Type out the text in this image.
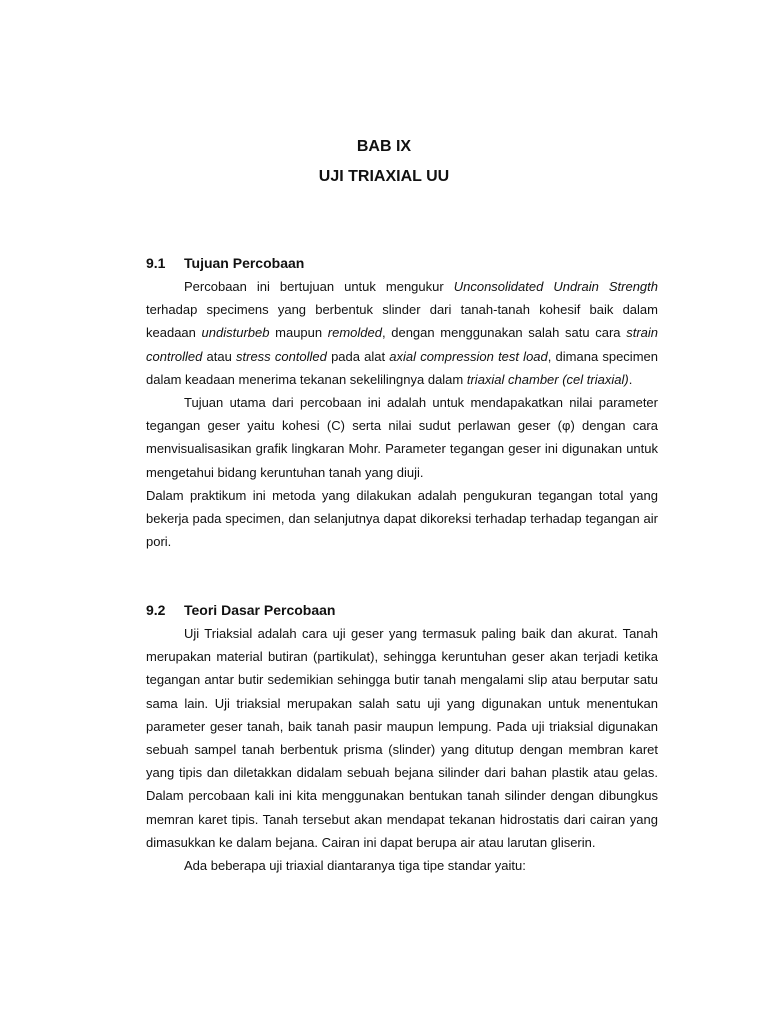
BAB IX
UJI TRIAXIAL UU
9.1	Tujuan Percobaan

Percobaan ini bertujuan untuk mengukur Unconsolidated Undrain Strength terhadap specimens yang berbentuk slinder dari tanah-tanah kohesif baik dalam keadaan undisturbeb maupun remolded, dengan menggunakan salah satu cara strain controlled atau stress contolled pada alat axial compression test load, dimana specimen dalam keadaan menerima tekanan sekelilingnya dalam triaxial chamber (cel triaxial).

Tujuan utama dari percobaan ini adalah untuk mendapakatkan nilai parameter tegangan geser yaitu kohesi (C) serta nilai sudut perlawan geser (φ) dengan cara menvisualisasikan grafik lingkaran Mohr. Parameter tegangan geser ini digunakan untuk mengetahui bidang keruntuhan tanah yang diuji.

Dalam praktikum ini metoda yang dilakukan adalah pengukuran tegangan total yang bekerja pada specimen, dan selanjutnya dapat dikoreksi terhadap terhadap tegangan air pori.

9.2	Teori Dasar Percobaan

Uji Triaksial adalah cara uji geser yang termasuk paling baik dan akurat. Tanah merupakan material butiran (partikulat), sehingga keruntuhan geser akan terjadi ketika tegangan antar butir sedemikian sehingga butir tanah mengalami slip atau berputar satu sama lain. Uji triaksial merupakan salah satu uji yang digunakan untuk menentukan parameter geser tanah, baik tanah pasir maupun lempung. Pada uji triaksial digunakan sebuah sampel tanah berbentuk prisma (slinder) yang ditutup dengan membran karet yang tipis dan diletakkan didalam sebuah bejana silinder dari bahan plastik atau gelas. Dalam percobaan kali ini kita menggunakan bentukan tanah silinder dengan dibungkus memran karet tipis. Tanah tersebut akan mendapat tekanan hidrostatis dari cairan yang dimasukkan ke dalam bejana. Cairan ini dapat berupa air atau larutan gliserin.

Ada beberapa uji triaxial diantaranya tiga tipe standar yaitu:
